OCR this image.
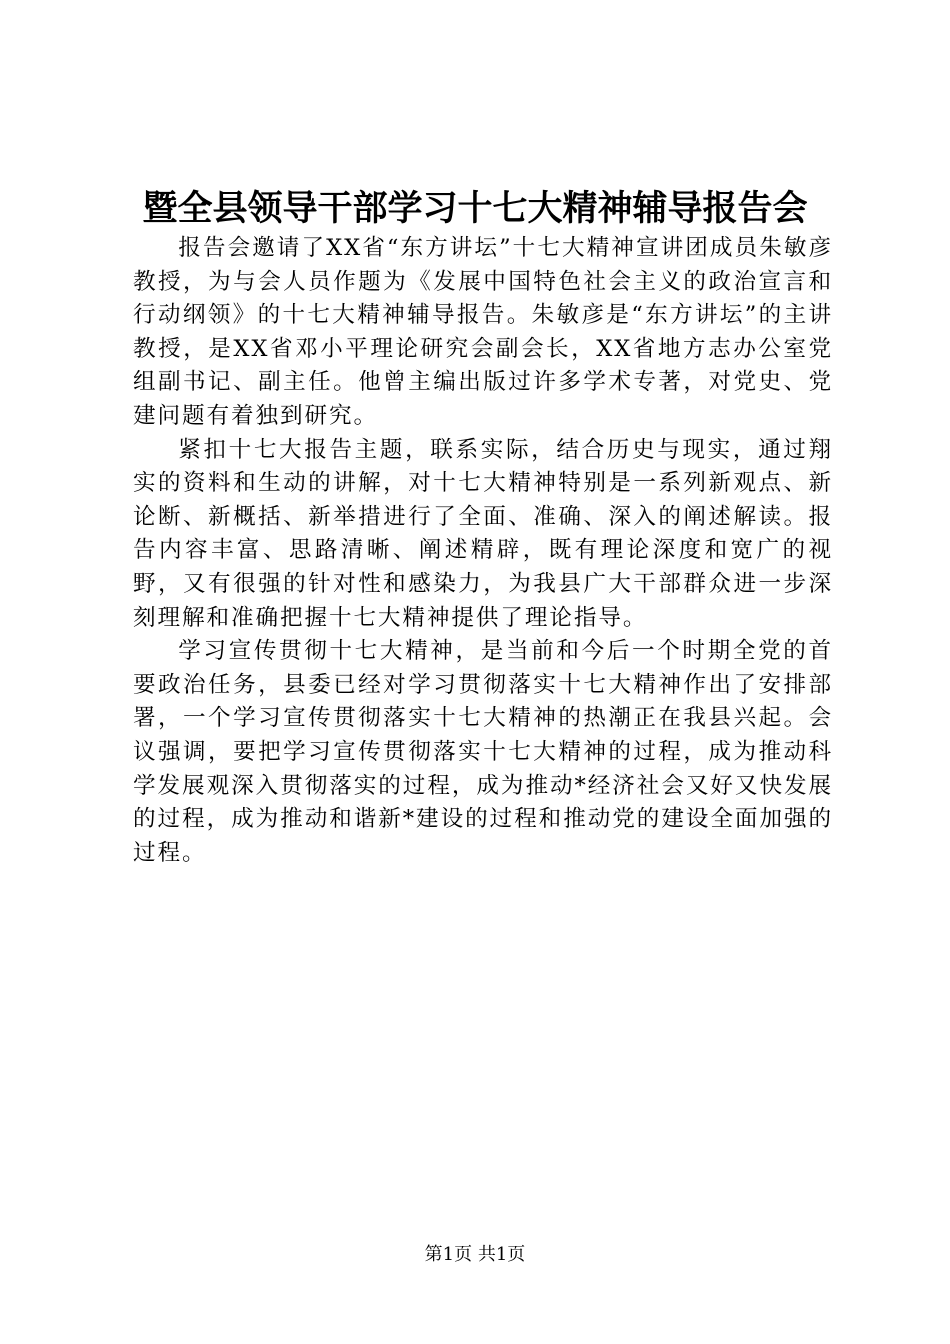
暨全县领导干部学习十七大精神辅导报告会

报告会邀请了XX省“东方讲坛”十七大精神宣讲团成员朱敏彦教授，为与会人员作题为《发展中国特色社会主义的政治宣言和行动纲领》的十七大精神辅导报告。朱敏彦是“东方讲坛”的主讲教授，是XX省邓小平理论研究会副会长，XX省地方志办公室党组副书记、副主任。他曾主编出版过许多学术专著，对党史、党建问题有着独到研究。

紧扣十七大报告主题，联系实际，结合历史与现实，通过翔实的资料和生动的讲解，对十七大精神特别是一系列新观点、新论断、新概括、新举措进行了全面、准确、深入的阐述解读。报告内容丰富、思路清晰、阐述精辟，既有理论深度和宽广的视野，又有很强的针对性和感染力，为我县广大干部群众进一步深刻理解和准确把握十七大精神提供了理论指导。

学习宣传贯彻十七大精神，是当前和今后一个时期全党的首要政治任务，县委已经对学习贯彻落实十七大精神作出了安排部署，一个学习宣传贯彻落实十七大精神的热潮正在我县兴起。会议强调，要把学习宣传贯彻落实十七大精神的过程，成为推动科学发展观深入贯彻落实的过程，成为推动*经济社会又好又快发展的过程，成为推动和谐新*建设的过程和推动党的建设全面加强的过程。

第1页 共1页
